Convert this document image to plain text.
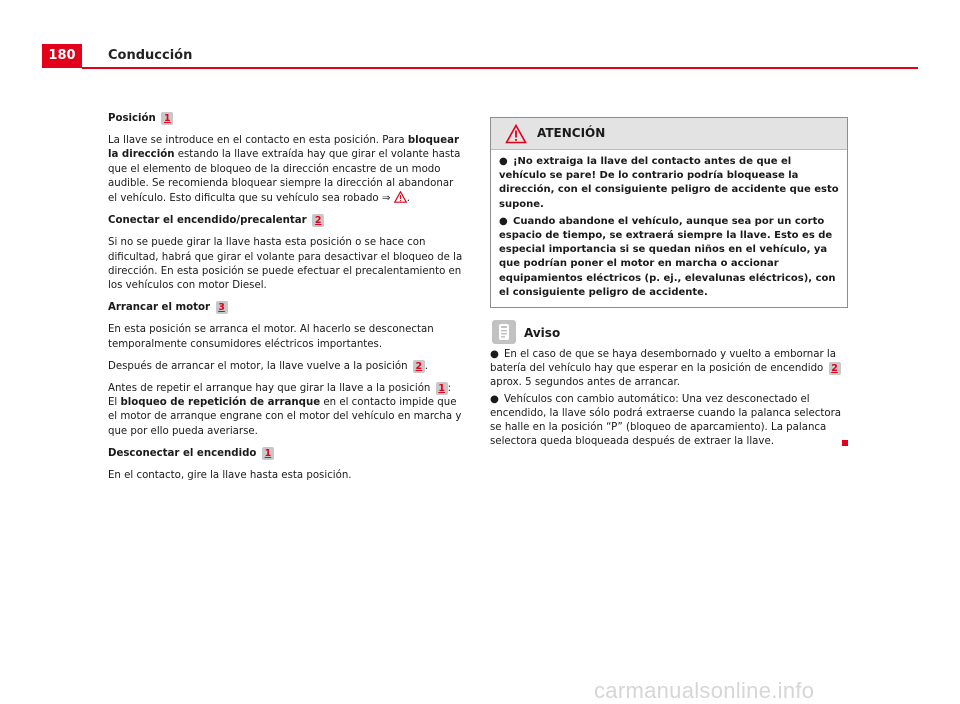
180	Conducción

Posición 1

La llave se introduce en el contacto en esta posición. Para bloquear la dirección estando la llave extraída hay que girar el volante hasta que el elemento de bloqueo de la dirección encastre de un modo audible. Se recomienda bloquear siempre la dirección al abandonar el vehículo. Esto dificulta que su vehículo sea robado ⇒ .

Conectar el encendido/precalentar 2

Si no se puede girar la llave hasta esta posición o se hace con dificultad, habrá que girar el volante para desactivar el bloqueo de la dirección. En esta posición se puede efectuar el precalentamiento en los vehículos con motor Diesel.

Arrancar el motor 3

En esta posición se arranca el motor. Al hacerlo se desconectan temporalmente consumidores eléctricos importantes.

Después de arrancar el motor, la llave vuelve a la posición 2 .

Antes de repetir el arranque hay que girar la llave a la posición 1 : El bloqueo de repetición de arranque en el contacto impide que el motor de arranque engrane con el motor del vehículo en marcha y que por ello pueda averiarse.

Desconectar el encendido 1

En el contacto, gire la llave hasta esta posición.

ATENCIÓN

● ¡No extraiga la llave del contacto antes de que el vehículo se pare! De lo contrario podría bloquease la dirección, con el consiguiente peligro de accidente que esto supone.

● Cuando abandone el vehículo, aunque sea por un corto espacio de tiempo, se extraerá siempre la llave. Esto es de especial importancia si se quedan niños en el vehículo, ya que podrían poner el motor en marcha o accionar equipamientos eléctricos (p. ej., elevalunas eléctricos), con el consiguiente peligro de accidente.

Aviso

● En el caso de que se haya desembornado y vuelto a embornar la batería del vehículo hay que esperar en la posición de encendido 2 aprox. 5 segundos antes de arrancar.

● Vehículos con cambio automático: Una vez desconectado el encendido, la llave sólo podrá extraerse cuando la palanca selectora se halle en la posición “P” (bloqueo de aparcamiento). La palanca selectora queda bloqueada después de extraer la llave.

carmanualsonline.info
